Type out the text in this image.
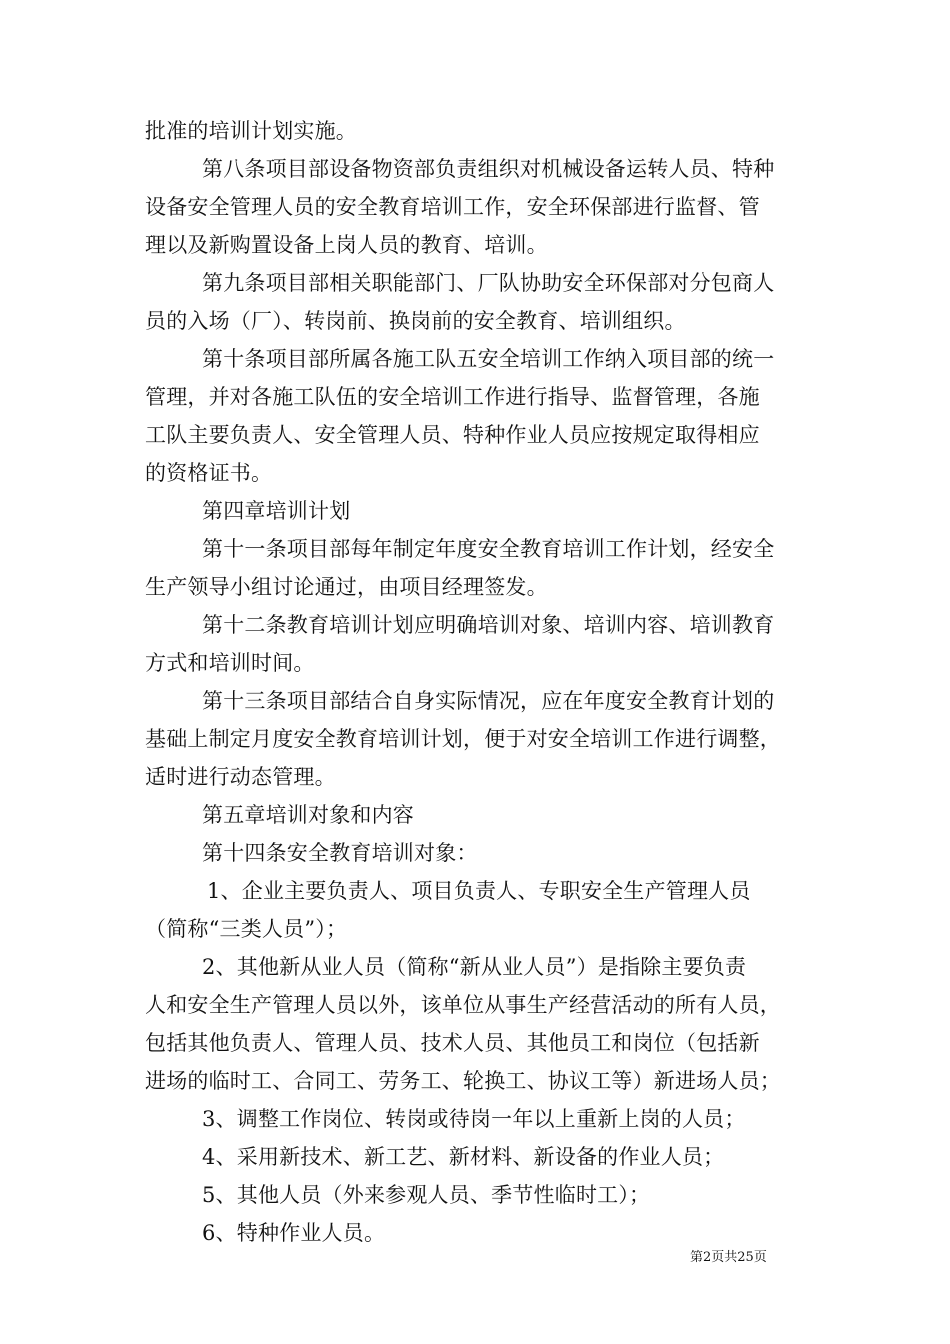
批准的培训计划实施。
第八条项目部设备物资部负责组织对机械设备运转人员、特种
设备安全管理人员的安全教育培训工作，安全环保部进行监督、管
理以及新购置设备上岗人员的教育、培训。
第九条项目部相关职能部门、厂队协助安全环保部对分包商人
员的入场（厂）、转岗前、换岗前的安全教育、培训组织。
第十条项目部所属各施工队五安全培训工作纳入项目部的统一
管理，并对各施工队伍的安全培训工作进行指导、监督管理，各施
工队主要负责人、安全管理人员、特种作业人员应按规定取得相应
的资格证书。
第四章培训计划
第十一条项目部每年制定年度安全教育培训工作计划，经安全
生产领导小组讨论通过，由项目经理签发。
第十二条教育培训计划应明确培训对象、培训内容、培训教育
方式和培训时间。
第十三条项目部结合自身实际情况，应在年度安全教育计划的
基础上制定月度安全教育培训计划，便于对安全培训工作进行调整，
适时进行动态管理。
第五章培训对象和内容
第十四条安全教育培训对象：
1、企业主要负责人、项目负责人、专职安全生产管理人员
（简称“三类人员”）；
2、其他新从业人员（简称“新从业人员”）是指除主要负责
人和安全生产管理人员以外，该单位从事生产经营活动的所有人员，
包括其他负责人、管理人员、技术人员、其他员工和岗位（包括新
进场的临时工、合同工、劳务工、轮换工、协议工等）新进场人员；
3、调整工作岗位、转岗或待岗一年以上重新上岗的人员；
4、采用新技术、新工艺、新材料、新设备的作业人员；
5、其他人员（外来参观人员、季节性临时工）；
6、特种作业人员。
第2页共25页
